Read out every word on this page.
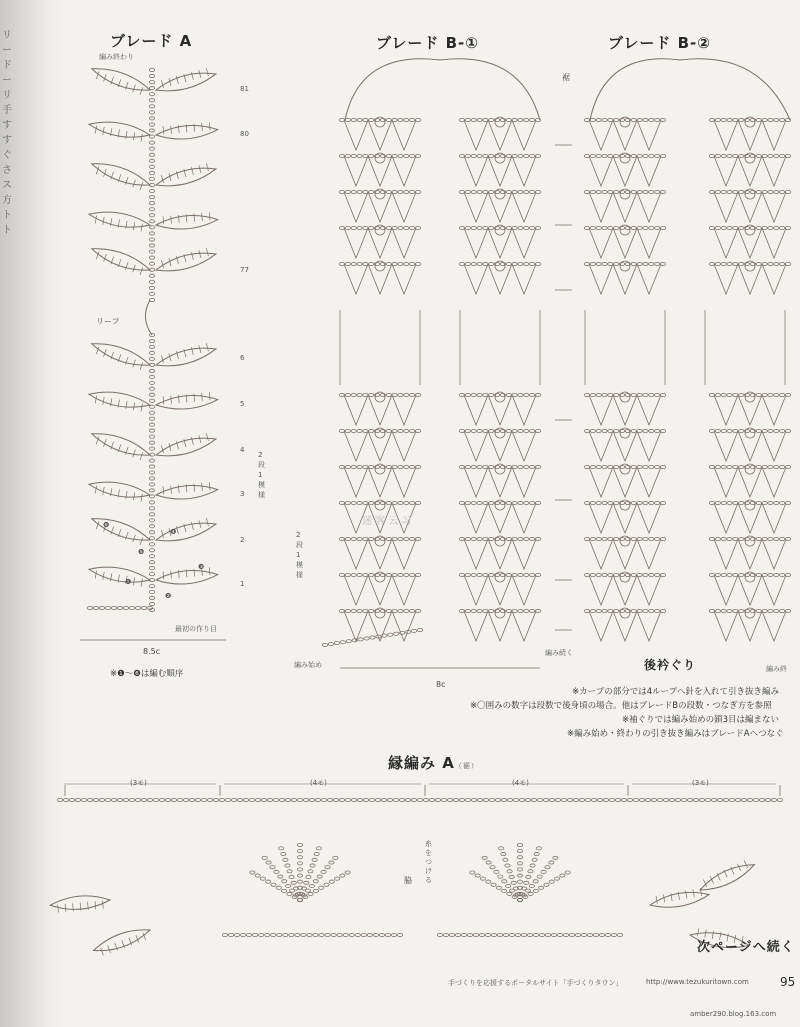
リ
ー
ド
ー
リ
手
す
す
ぐ
さ
ス
方
ト
ト
ブレード A
編み終わり
リーフ
最初の作り目
8.5c
※❶〜❻は編む順序
2段1模様
81
80
77
6
5
4
3
2
1
❶
❷
❸
❹
❺
❻
ブレード B-①	ブレード B-②
裾
編み始め
編み続く
編み終
後衿ぐり
8c
2段1模様
※カーブの部分では4ループへ針を入れて引き抜き編み
※〇囲みの数字は段数で後身頃の場合。他はブレードBの段数・つなぎ方を参照
※袖ぐりでは編み始めの鎖3目は編まない
※編み始め・終わりの引き抜き編みはブレードAへつなぐ
縁編み A（裾）
(3モ)	(4モ)	(4モ)	(3モ)
脇
糸をつける
次ページへ続く
手づくりを応援するポータルサイト「手づくりタウン」	http://www.tezukuritown.com	95
amber290.blog.163.com
迷 客 云 习
